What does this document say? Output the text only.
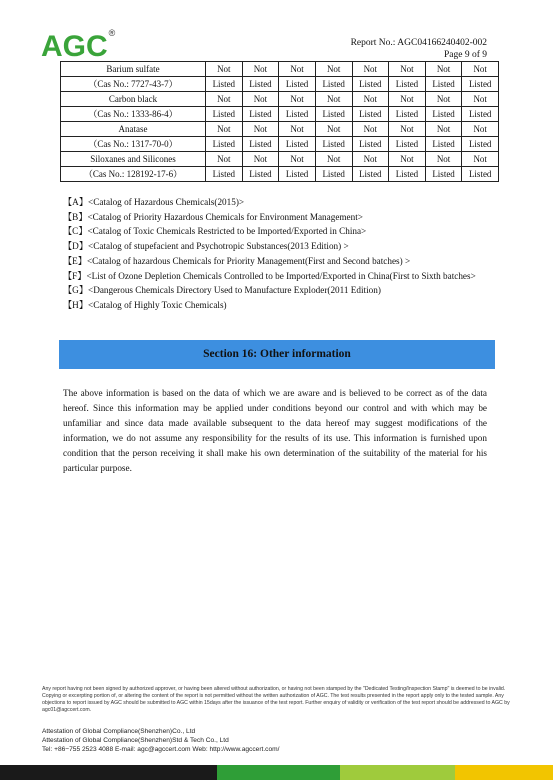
AGC®
Report No.: AGC04166240402-002
Page 9 of 9
Barium sulfate	Not	Not	Not	Not	Not	Not	Not	Not
（Cas No.: 7727-43-7）	Listed	Listed	Listed	Listed	Listed	Listed	Listed	Listed
Carbon black	Not	Not	Not	Not	Not	Not	Not	Not
（Cas No.: 1333-86-4）	Listed	Listed	Listed	Listed	Listed	Listed	Listed	Listed
Anatase	Not	Not	Not	Not	Not	Not	Not	Not
（Cas No.: 1317-70-0）	Listed	Listed	Listed	Listed	Listed	Listed	Listed	Listed
Siloxanes and Silicones	Not	Not	Not	Not	Not	Not	Not	Not
（Cas No.: 128192-17-6）	Listed	Listed	Listed	Listed	Listed	Listed	Listed	Listed
【A】<Catalog of Hazardous Chemicals(2015)>
【B】<Catalog of Priority Hazardous Chemicals for Environment Management>
【C】<Catalog of Toxic Chemicals Restricted to be Imported/Exported in China>
【D】<Catalog of stupefacient and Psychotropic Substances(2013 Edition) >
【E】<Catalog of hazardous Chemicals for Priority Management(First and Second batches) >
【F】<List of Ozone Depletion Chemicals Controlled to be Imported/Exported in China(First to Sixth batches>
【G】<Dangerous Chemicals Directory Used to Manufacture Exploder(2011 Edition)
【H】<Catalog of Highly Toxic Chemicals)
Section 16: Other information
The above information is based on the data of which we are aware and is believed to be correct as of the data hereof. Since this information may be applied under conditions beyond our control and with which may be unfamiliar and since data made available subsequent to the data hereof may suggest modifications of the information, we do not assume any responsibility for the results of its use. This information is furnished upon condition that the person receiving it shall make his own determination of the suitability of the material for his particular purpose.
Any report having not been signed by authorized approver, or having been altered without authorization, or having not been stamped by the "Dedicated Testing/Inspection Stamp" is deemed to be invalid. Copying or excerpting portion of, or altering the content of the report is not permitted without the written authorization of AGC. The test results presented in the report apply only to the tested sample. Any objections to report issued by AGC should be submitted to AGC within 15days after the issuance of the test report. Further enquiry of validity or verification of the test report should be addressed to AGC by agc01@agccert.com.
Attestation of Global Compliance(Shenzhen)Co., Ltd
Attestation of Global Compliance(Shenzhen)Std & Tech Co., Ltd
Tel: +86−755 2523 4088 E-mail: agc@agccert.com Web: http://www.agccert.com/
